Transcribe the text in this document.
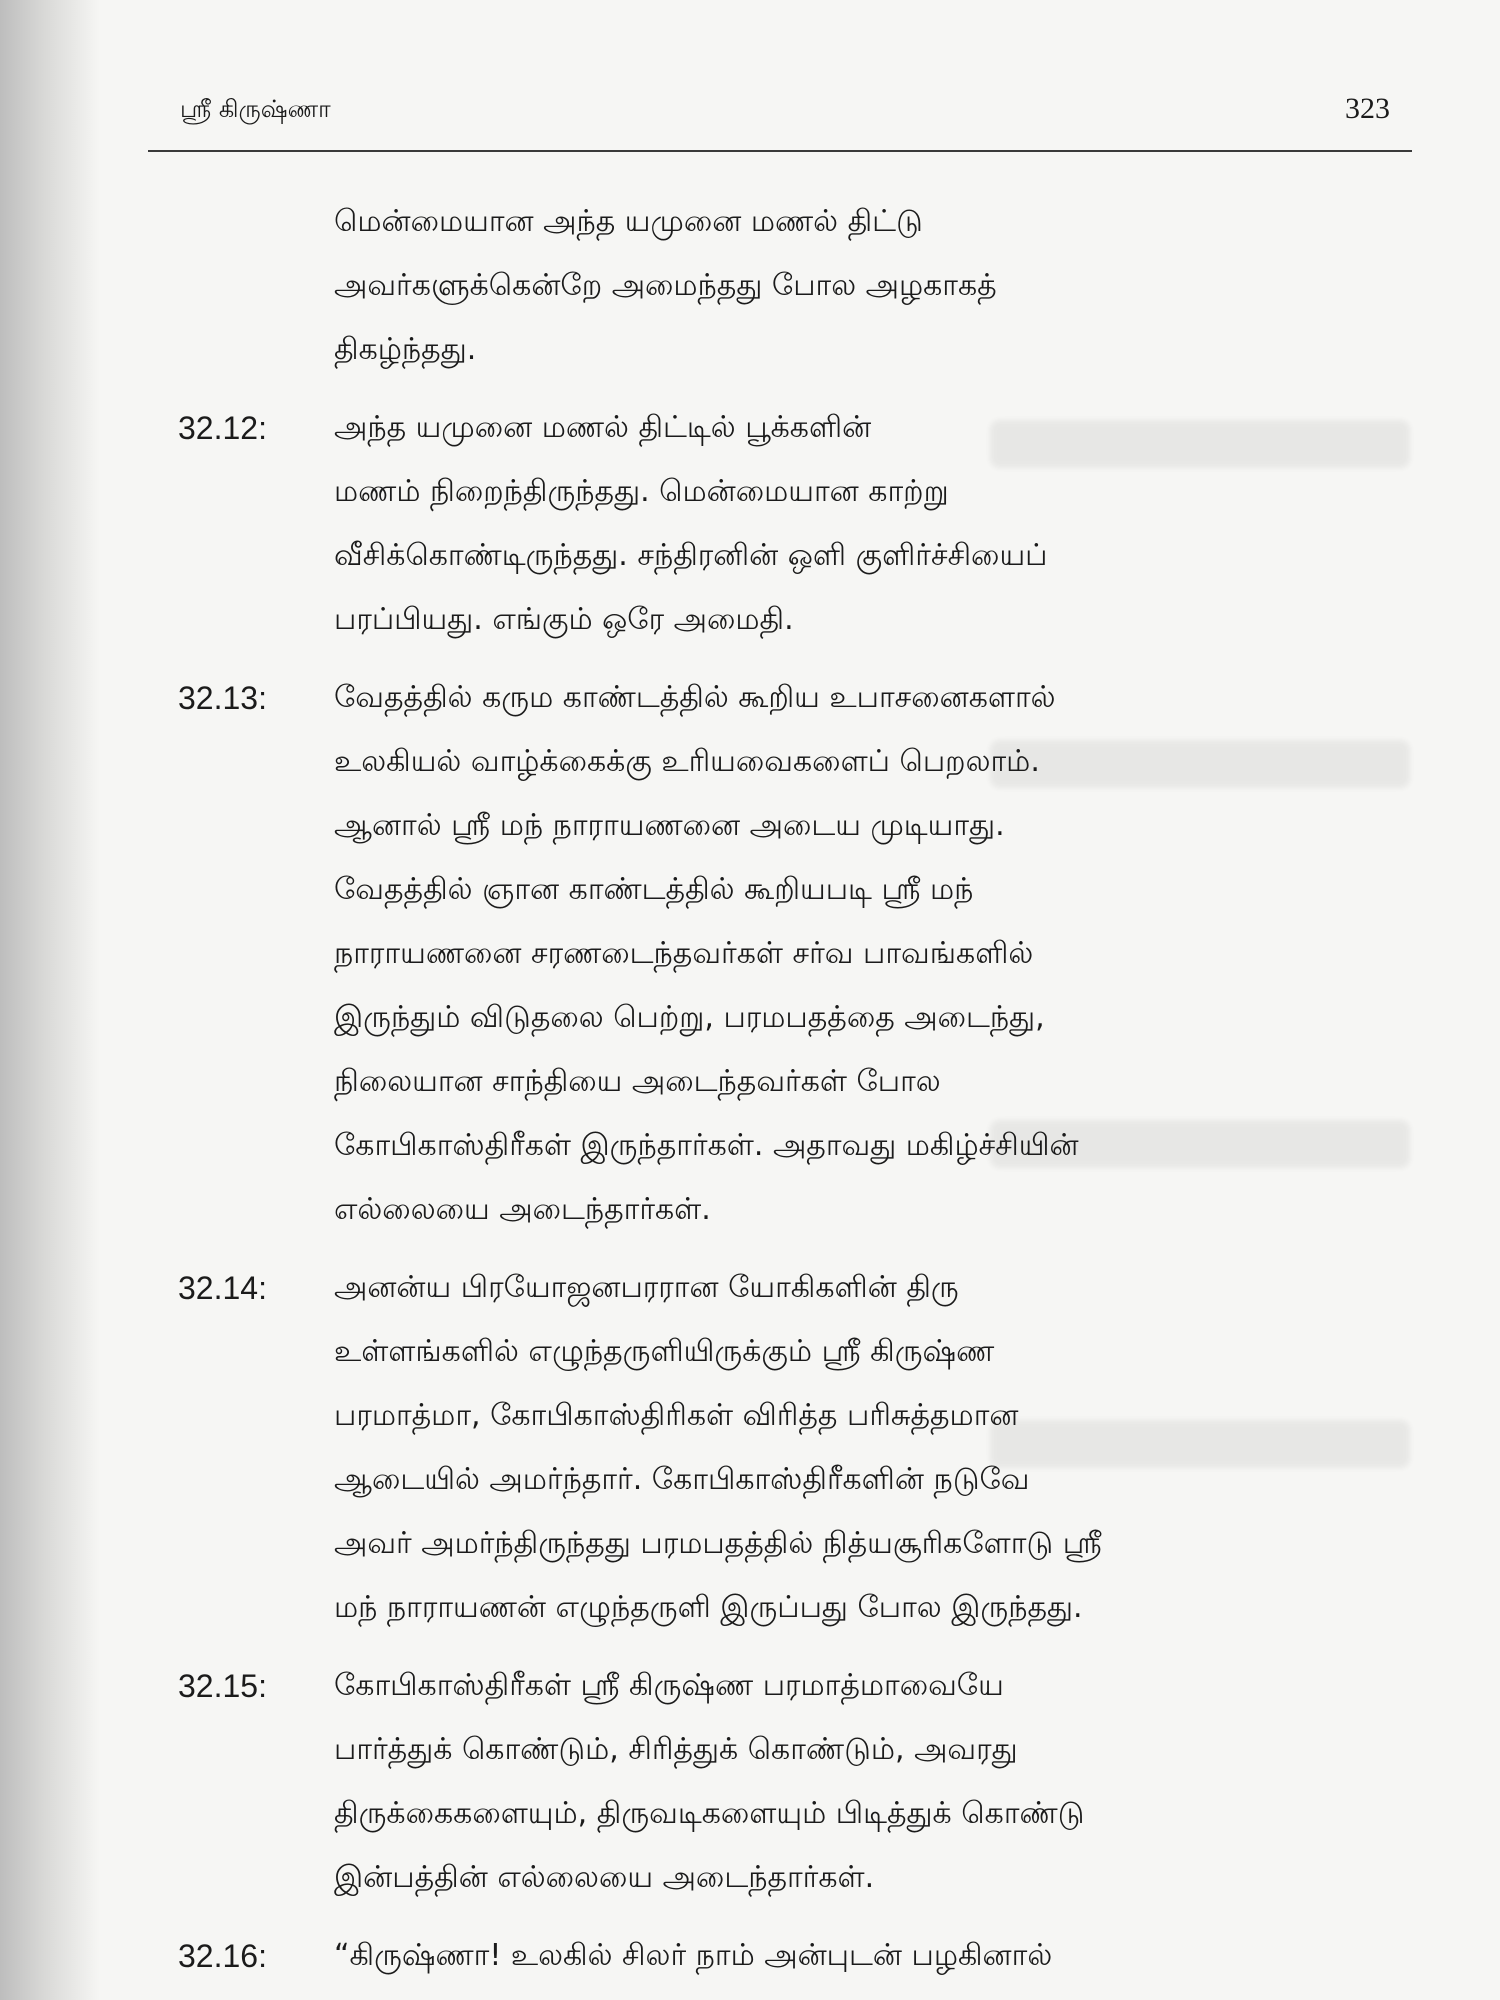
ஸ்ரீ கிருஷ்ணா	323
மென்மையான அந்த யமுனை மணல் திட்டு
அவர்களுக்கென்றே அமைந்தது போல அழகாகத்
திகழ்ந்தது.
32.12:	அந்த யமுனை மணல் திட்டில் பூக்களின்
மணம் நிறைந்திருந்தது. மென்மையான காற்று
வீசிக்கொண்டிருந்தது. சந்திரனின் ஒளி குளிர்ச்சியைப்
பரப்பியது. எங்கும் ஒரே அமைதி.
32.13:	வேதத்தில் கரும காண்டத்தில் கூறிய உபாசனைகளால்
உலகியல் வாழ்க்கைக்கு உரியவைகளைப் பெறலாம்.
ஆனால் ஸ்ரீ மந் நாராயணனை அடைய முடியாது.
வேதத்தில் ஞான காண்டத்தில் கூறியபடி ஸ்ரீ மந்
நாராயணனை சரணடைந்தவர்கள் சர்வ பாவங்களில்
இருந்தும் விடுதலை பெற்று, பரமபதத்தை அடைந்து,
நிலையான சாந்தியை அடைந்தவர்கள் போல
கோபிகாஸ்திரீகள் இருந்தார்கள். அதாவது மகிழ்ச்சியின்
எல்லையை அடைந்தார்கள்.
32.14:	அனன்ய பிரயோஜனபரரான யோகிகளின் திரு
உள்ளங்களில் எழுந்தருளியிருக்கும் ஸ்ரீ கிருஷ்ண
பரமாத்மா, கோபிகாஸ்திரிகள் விரித்த பரிசுத்தமான
ஆடையில் அமர்ந்தார். கோபிகாஸ்திரீகளின் நடுவே
அவர் அமர்ந்திருந்தது பரமபதத்தில் நித்யசூரிகளோடு ஸ்ரீ
மந் நாராயணன் எழுந்தருளி இருப்பது போல இருந்தது.
32.15:	கோபிகாஸ்திரீகள் ஸ்ரீ கிருஷ்ண பரமாத்மாவையே
பார்த்துக் கொண்டும், சிரித்துக் கொண்டும், அவரது
திருக்கைகளையும், திருவடிகளையும் பிடித்துக் கொண்டு
இன்பத்தின் எல்லையை அடைந்தார்கள்.
32.16:	“கிருஷ்ணா! உலகில் சிலர் நாம் அன்புடன் பழகினால்
